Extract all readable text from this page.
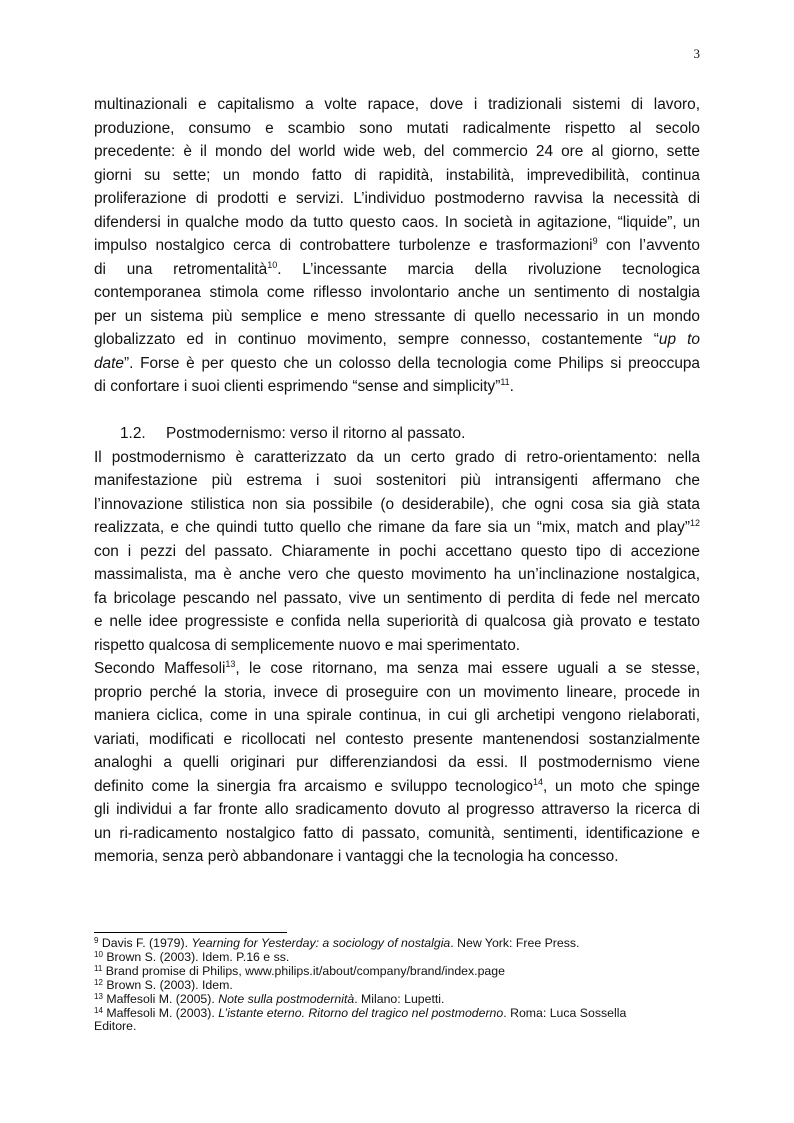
3
multinazionali e capitalismo a volte rapace, dove i tradizionali sistemi di lavoro,
produzione, consumo e scambio sono mutati radicalmente rispetto al secolo
precedente: è il mondo del world wide web, del commercio 24 ore al giorno, sette
giorni su sette; un mondo fatto di rapidità, instabilità, imprevedibilità, continua
proliferazione di prodotti e servizi. L’individuo postmoderno ravvisa la necessità di
difendersi in qualche modo da tutto questo caos. In società in agitazione, “liquide”, un
impulso nostalgico cerca di controbattere turbolenze e trasformazioni$^9$ con l’avvento
di una retromentalità$^{10}$. L’incessante marcia della rivoluzione tecnologica
contemporanea stimola come riflesso involontario anche un sentimento di nostalgia
per un sistema più semplice e meno stressante di quello necessario in un mondo
globalizzato ed in continuo movimento, sempre connesso, costantemente “up to
date”. Forse è per questo che un colosso della tecnologia come Philips si preoccupa
di confortare i suoi clienti esprimendo “sense and simplicity”$^{11}$.
1.2. Postmodernismo: verso il ritorno al passato.
Il postmodernismo è caratterizzato da un certo grado di retro-orientamento: nella
manifestazione più estrema i suoi sostenitori più intransigenti affermano che
l’innovazione stilistica non sia possibile (o desiderabile), che ogni cosa sia già stata
realizzata, e che quindi tutto quello che rimane da fare sia un “mix, match and play”$^{12}$
con i pezzi del passato. Chiaramente in pochi accettano questo tipo di accezione
massimalista, ma è anche vero che questo movimento ha un’inclinazione nostalgica,
fa bricolage pescando nel passato, vive un sentimento di perdita di fede nel mercato
e nelle idee progressiste e confida nella superiorità di qualcosa già provato e testato
rispetto qualcosa di semplicemente nuovo e mai sperimentato.
Secondo Maffesoli$^{13}$, le cose ritornano, ma senza mai essere uguali a se stesse,
proprio perché la storia, invece di proseguire con un movimento lineare, procede in
maniera ciclica, come in una spirale continua, in cui gli archetipi vengono rielaborati,
variati, modificati e ricollocati nel contesto presente mantenendosi sostanzialmente
analoghi a quelli originari pur differenziandosi da essi. Il postmodernismo viene
definito come la sinergia fra arcaismo e sviluppo tecnologico$^{14}$, un moto che spinge
gli individui a far fronte allo sradicamento dovuto al progresso attraverso la ricerca di
un ri-radicamento nostalgico fatto di passato, comunità, sentimenti, identificazione e
memoria, senza però abbandonare i vantaggi che la tecnologia ha concesso.
$^9$ Davis F. (1979). Yearning for Yesterday: a sociology of nostalgia. New York: Free Press.
$^{10}$ Brown S. (2003). Idem. P.16 e ss.
$^{11}$ Brand promise di Philips, www.philips.it/about/company/brand/index.page
$^{12}$ Brown S. (2003). Idem.
$^{13}$ Maffesoli M. (2005). Note sulla postmodernità. Milano: Lupetti.
$^{14}$ Maffesoli M. (2003). L’istante eterno. Ritorno del tragico nel postmoderno. Roma: Luca Sossella
Editore.
